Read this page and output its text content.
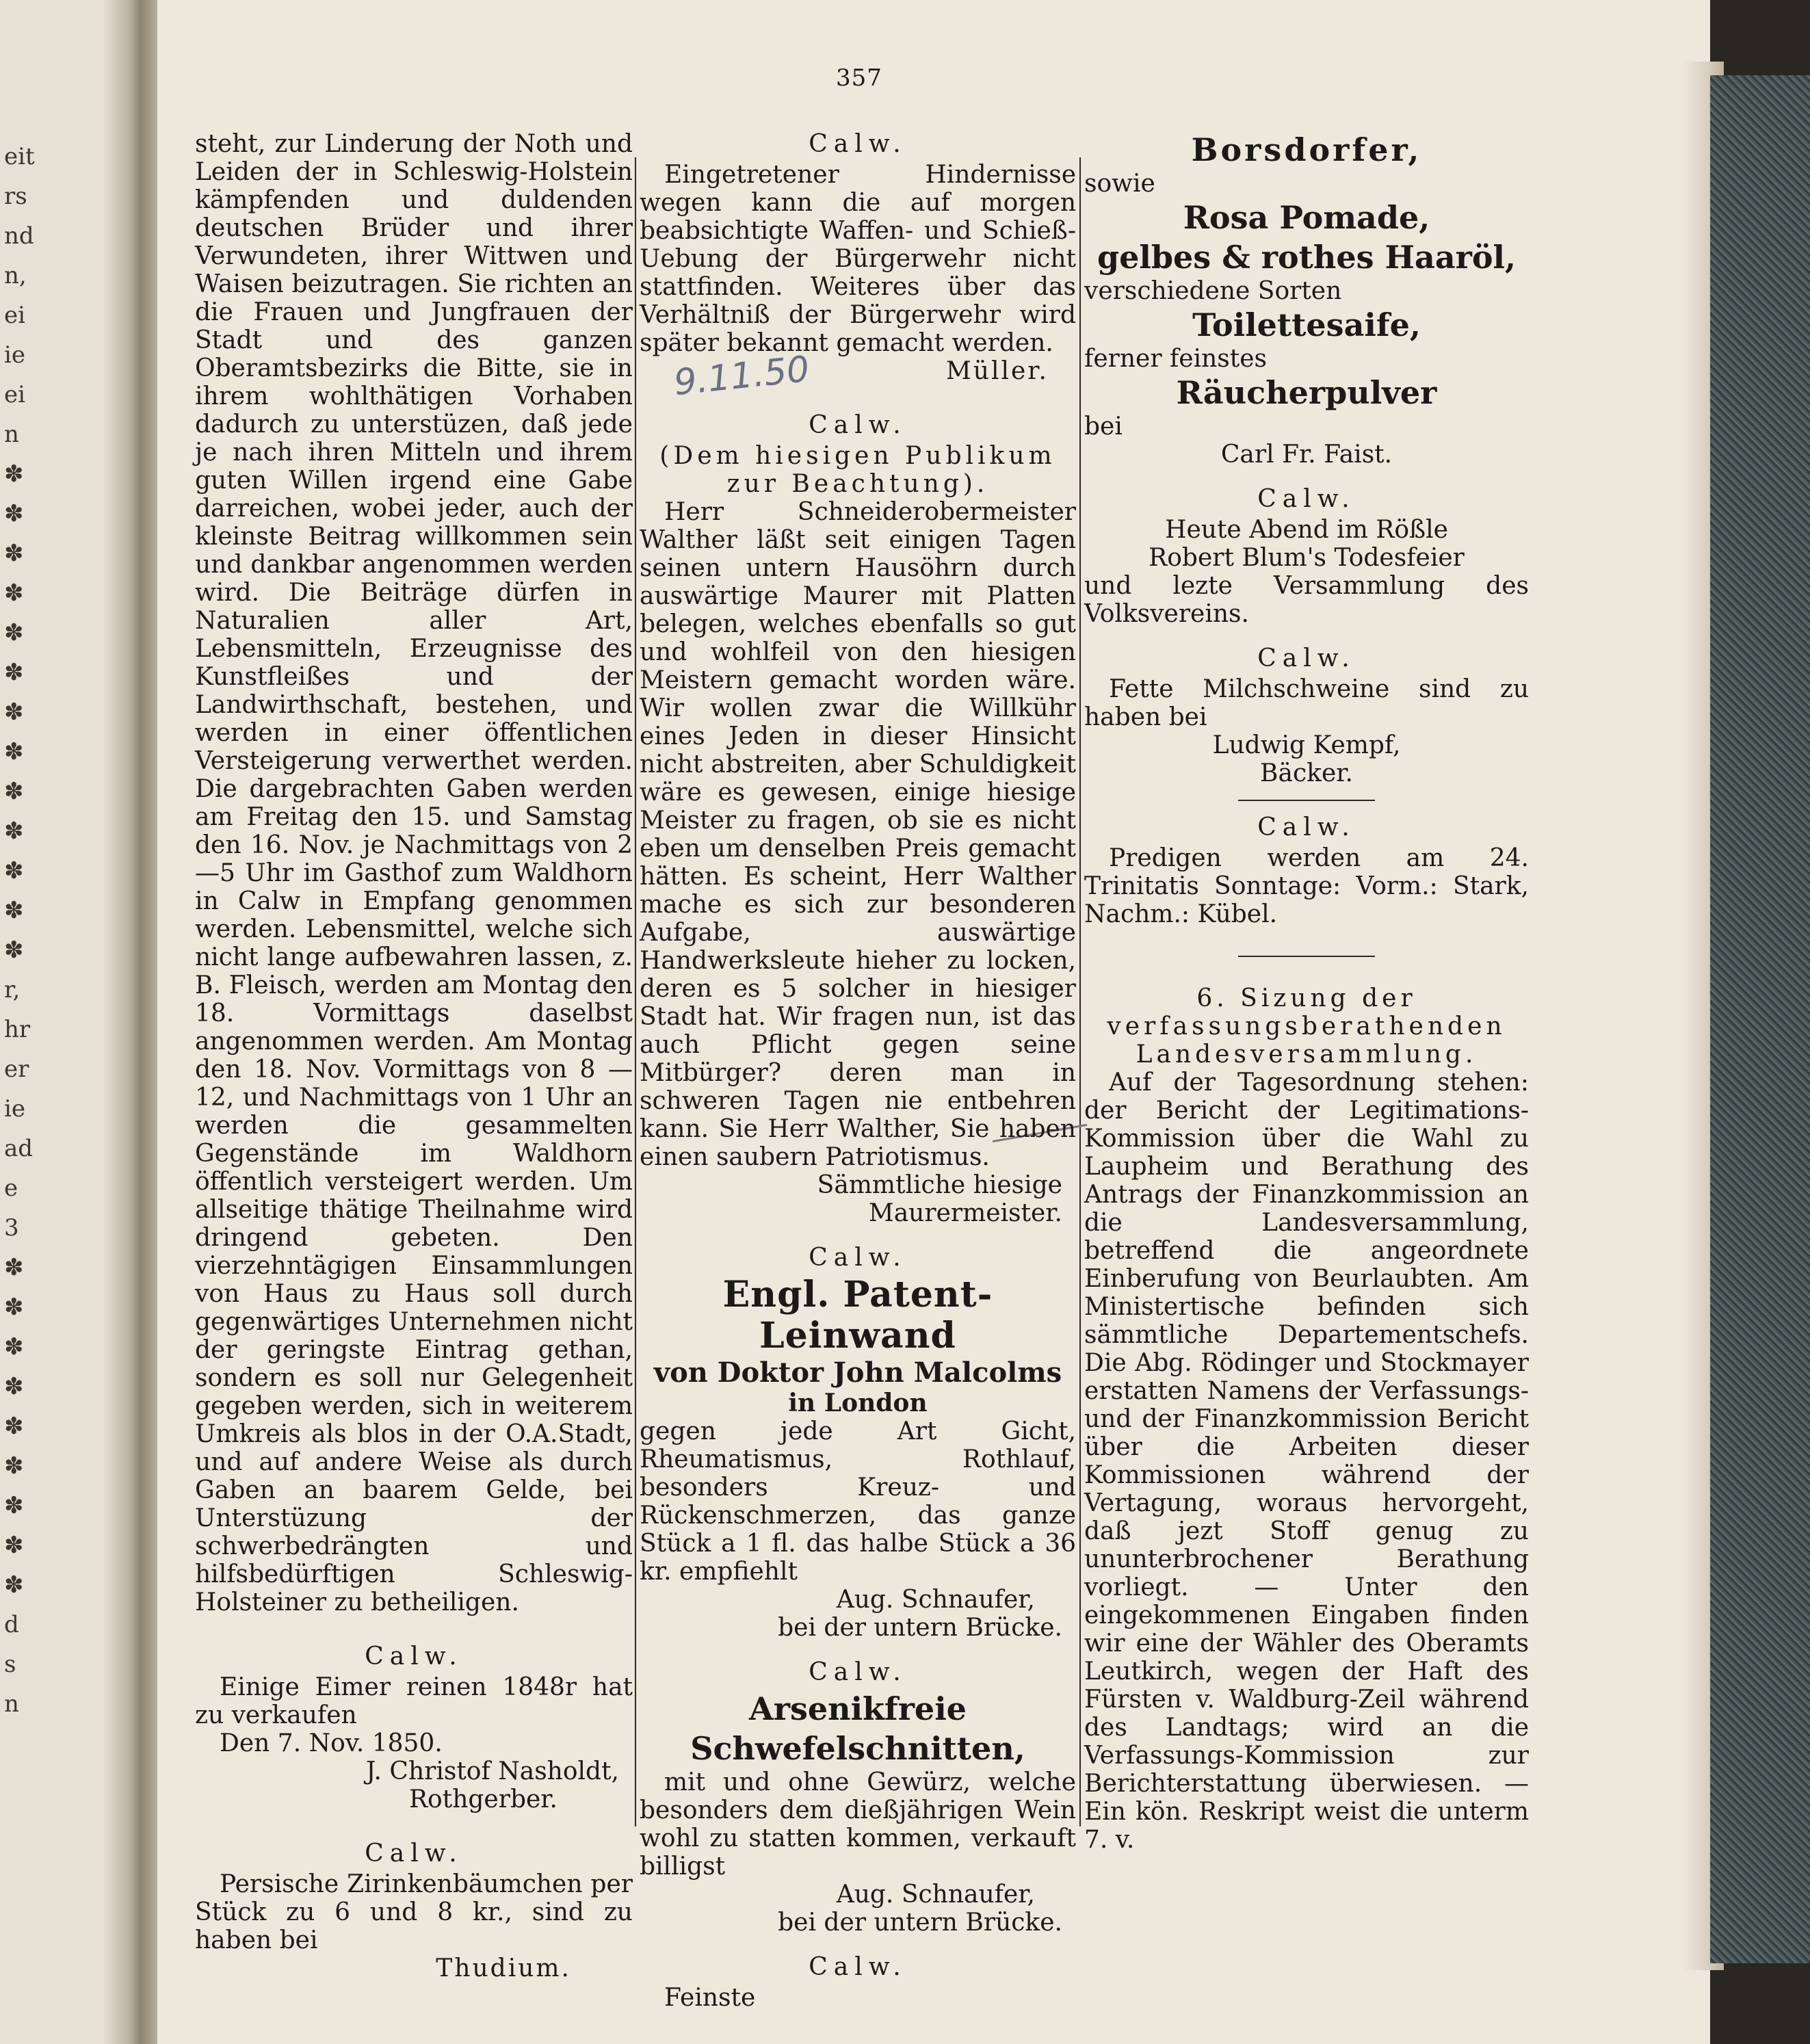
eit
rs
nd
n,
ei
ie
ei
n
✽
✽
✽
✽
✽
✽
✽
✽
✽
✽
✽
✽
✽
r,
hr
er
ie
ad
e
3
✽
✽
✽
✽
✽
✽
✽
✽
✽
d
s
n
357
9.11.50

steht, zur Linderung der Noth und Leiden der in Schleswig-Holstein kämpfenden und duldenden deutschen Brüder und ihrer Verwundeten, ihrer Wittwen und Waisen beizutragen. Sie richten an die Frauen und Jungfrauen der Stadt und des ganzen Oberamtsbezirks die Bitte, sie in ihrem wohlthätigen Vorhaben dadurch zu unterstüzen, daß jede je nach ihren Mitteln und ihrem guten Willen irgend eine Gabe darreichen, wobei jeder, auch der kleinste Beitrag willkommen sein und dankbar angenommen werden wird. Die Beiträge dürfen in Naturalien aller Art, Lebensmitteln, Erzeugnisse des Kunstfleißes und der Landwirthschaft, bestehen, und werden in einer öffentlichen Versteigerung verwerthet werden. Die dargebrachten Gaben werden am Freitag den 15. und Samstag den 16. Nov. je Nachmittags von 2—5 Uhr im Gasthof zum Waldhorn in Calw in Empfang genommen werden. Lebensmittel, welche sich nicht lange aufbewahren lassen, z. B. Fleisch, werden am Montag den 18. Vormittags daselbst angenommen werden. Am Montag den 18. Nov. Vormittags von 8 — 12, und Nachmittags von 1 Uhr an werden die gesammelten Gegenstände im Waldhorn öffentlich versteigert werden. Um allseitige thätige Theilnahme wird dringend gebeten. Den vierzehntägigen Einsammlungen von Haus zu Haus soll durch gegenwärtiges Unternehmen nicht der geringste Eintrag gethan, sondern es soll nur Gelegenheit gegeben werden, sich in weiterem Umkreis als blos in der O.A.Stadt, und auf andere Weise als durch Gaben an baarem Gelde, bei Unterstüzung der schwerbedrängten und hilfsbedürftigen Schleswig-Holsteiner zu betheiligen.

Calw.

Einige Eimer reinen 1848r hat zu verkaufen

Den 7. Nov. 1850.

J. Christof Nasholdt,

Rothgerber.

Calw.

Persische Zirinkenbäumchen per Stück zu 6 und 8 kr., sind zu haben bei

Thudium.

Calw.

Eingetretener Hindernisse wegen kann die auf morgen beabsichtigte Waffen- und Schieß-Uebung der Bürgerwehr nicht stattfinden. Weiteres über das Verhältniß der Bürgerwehr wird später bekannt gemacht werden.

Müller.

Calw.

(Dem hiesigen Publikum zur Beachtung).

Herr Schneiderobermeister Walther läßt seit einigen Tagen seinen untern Hausöhrn durch auswärtige Maurer mit Platten belegen, welches ebenfalls so gut und wohlfeil von den hiesigen Meistern gemacht worden wäre. Wir wollen zwar die Willkühr eines Jeden in dieser Hinsicht nicht abstreiten, aber Schuldigkeit wäre es gewesen, einige hiesige Meister zu fragen, ob sie es nicht eben um denselben Preis gemacht hätten. Es scheint, Herr Walther mache es sich zur besonderen Aufgabe, auswärtige Handwerksleute hieher zu locken, deren es 5 solcher in hiesiger Stadt hat. Wir fragen nun, ist das auch Pflicht gegen seine Mitbürger? deren man in schweren Tagen nie entbehren kann. Sie Herr Walther, Sie haben einen saubern Patriotismus.

Sämmtliche hiesige Maurermeister.

Calw.

Engl. Patent-Leinwand

von Doktor John Malcolms

in London

gegen jede Art Gicht, Rheumatismus, Rothlauf, besonders Kreuz- und Rückenschmerzen, das ganze Stück a 1 fl. das halbe Stück a 36 kr. empfiehlt

Aug. Schnaufer,

bei der untern Brücke.

Calw.

Arsenikfreie Schwefelschnitten,

mit und ohne Gewürz, welche besonders dem dießjährigen Wein wohl zu statten kommen, verkauft billigst

Aug. Schnaufer,

bei der untern Brücke.

Calw.

Feinste

Borsdorfer,

sowie

Rosa Pomade,

gelbes & rothes Haaröl,

verschiedene Sorten

Toilettesaife,

ferner feinstes

Räucherpulver

bei

Carl Fr. Faist.

Calw.

Heute Abend im Rößle

Robert Blum's Todesfeier

und lezte Versammlung des Volksvereins.

Calw.

Fette Milchschweine sind zu haben bei

Ludwig Kempf,

Bäcker.

Calw.

Predigen werden am 24. Trinitatis Sonntage: Vorm.: Stark, Nachm.: Kübel.

6. Sizung der verfassungsberathenden Landesversammlung.

Auf der Tagesordnung stehen: der Bericht der Legitimations-Kommission über die Wahl zu Laupheim und Berathung des Antrags der Finanzkommission an die Landesversammlung, betreffend die angeordnete Einberufung von Beurlaubten. Am Ministertische befinden sich sämmtliche Departementschefs. Die Abg. Rödinger und Stockmayer erstatten Namens der Verfassungs- und der Finanzkommission Bericht über die Arbeiten dieser Kommissionen während der Vertagung, woraus hervorgeht, daß jezt Stoff genug zu ununterbrochener Berathung vorliegt. — Unter den eingekommenen Eingaben finden wir eine der Wähler des Oberamts Leutkirch, wegen der Haft des Fürsten v. Waldburg-Zeil während des Landtags; wird an die Verfassungs-Kommission zur Berichterstattung überwiesen. — Ein kön. Reskript weist die unterm 7. v.
